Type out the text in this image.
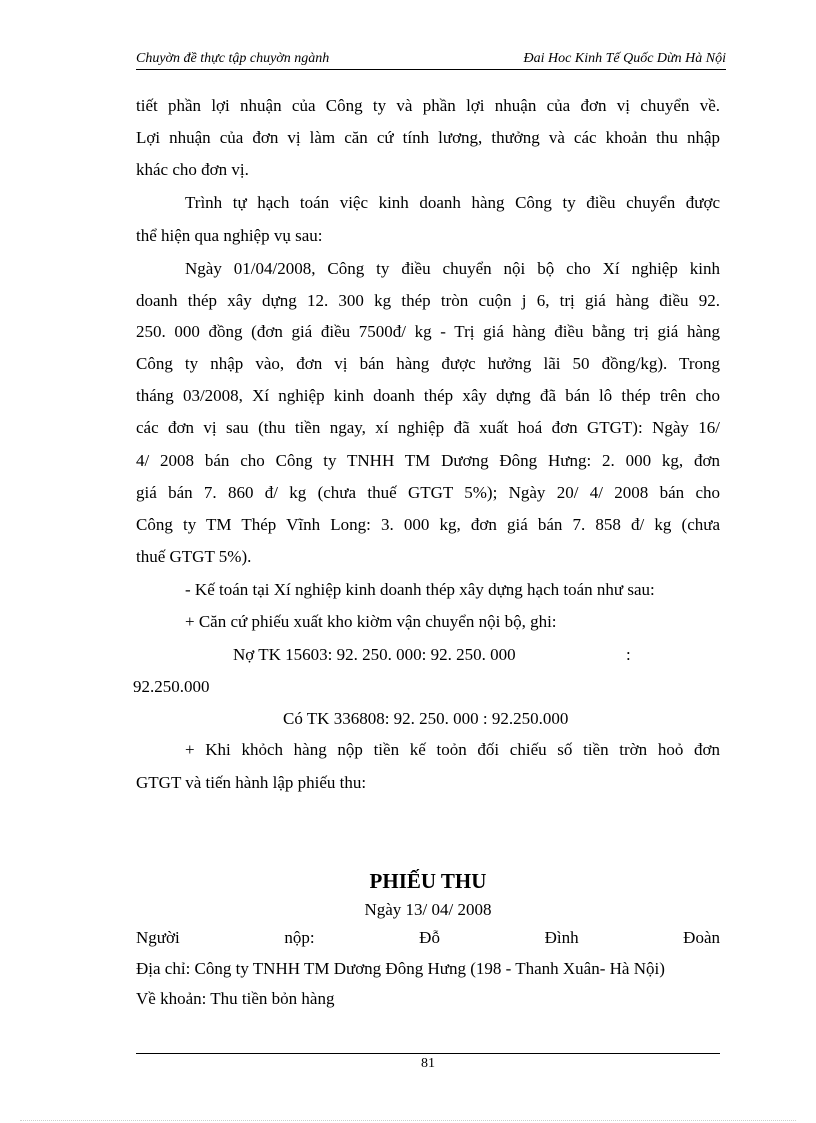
Chuyờn đề thực tập chuyờn ngành	Đai Hoc Kinh Tế Quốc Dừn Hà Nội
tiết phần lợi nhuận của Công ty và phần lợi nhuận của đơn vị chuyển về.
Lợi nhuận của đơn vị làm căn cứ tính lương, thưởng và các khoản thu nhập
khác cho đơn vị.
Trình tự hạch toán việc kinh doanh hàng Công ty điều chuyển được
thể hiện qua nghiệp vụ sau:
Ngày 01/04/2008, Công ty điều chuyển nội bộ cho Xí nghiệp kinh
doanh thép xây dựng 12. 300 kg thép tròn cuộn j 6, trị giá hàng điều 92.
250. 000 đồng (đơn giá điều 7500đ/ kg - Trị giá hàng điều bằng trị giá hàng
Công ty nhập vào, đơn vị bán hàng được hưởng lãi 50 đồng/kg). Trong
tháng 03/2008, Xí nghiệp kinh doanh thép xây dựng đã bán lô thép trên cho
các đơn vị sau (thu tiền ngay, xí nghiệp đã xuất hoá đơn GTGT): Ngày 16/
4/ 2008 bán cho Công ty TNHH TM Dương Đông Hưng: 2. 000 kg, đơn
giá bán 7. 860 đ/ kg (chưa thuế GTGT 5%); Ngày 20/ 4/ 2008 bán cho
Công ty TM Thép Vĩnh Long: 3. 000 kg, đơn giá bán 7. 858 đ/ kg (chưa
thuế GTGT 5%).
- Kế toán tại Xí nghiệp kinh doanh thép xây dựng hạch toán như sau:
+ Căn cứ phiếu xuất kho kiờm vận chuyển nội bộ, ghi:
Nợ TK 15603: 92. 250. 000: 92. 250. 000	:
92.250.000
Có TK 336808: 92. 250. 000 : 92.250.000
+ Khi khỏch hàng nộp tiền kế toỏn đối chiếu số tiền trờn hoỏ đơn
GTGT và tiến hành lập phiếu thu:
PHIẾU THU
Ngày 13/ 04/ 2008
Người	nộp:	Đỗ	Đình	Đoàn
Địa chỉ: Công ty TNHH TM Dương Đông Hưng (198 - Thanh Xuân- Hà Nội)
Về khoản: Thu tiền bỏn hàng
81
